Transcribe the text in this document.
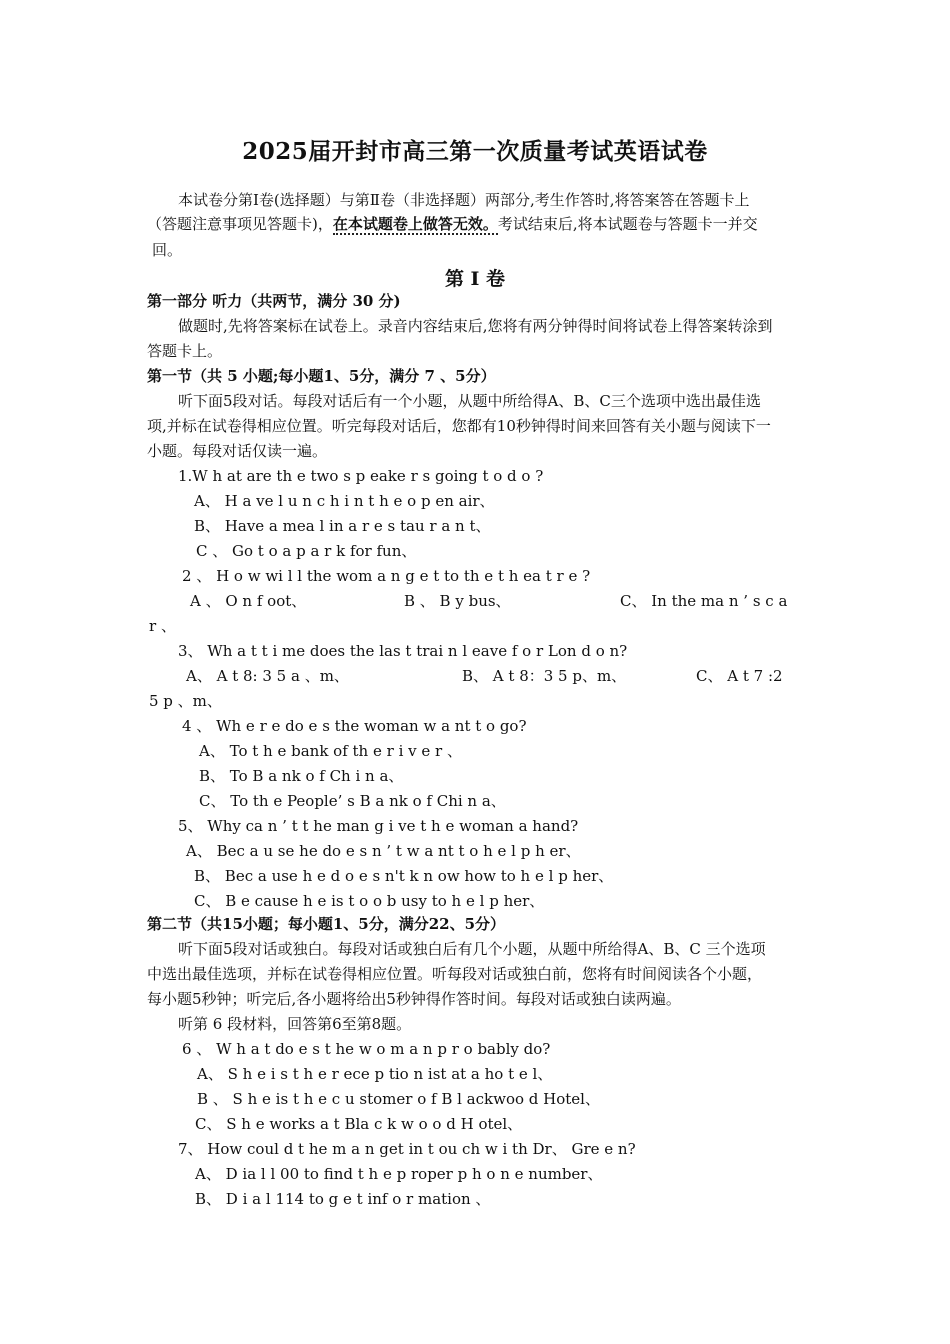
2025届开封市高三第一次质量考试英语试卷
本试卷分第Ⅰ卷(选择题）与第Ⅱ卷（非选择题）两部分,考生作答时,将答案答在答题卡上
（答题注意事项见答题卡)，在本试题卷上做答无效。考试结束后,将本试题卷与答题卡一并交
回。
第 I 卷
第一部分 听力（共两节，满分 30 分)
做题时,先将答案标在试卷上。录音内容结束后,您将有两分钟得时间将试卷上得答案转涂到
答题卡上。
第一节（共 5 小题;每小题1、5分，满分 7 、5分）
听下面5段对话。每段对话后有一个小题，从题中所给得A、B、C三个选项中选出最佳选
项,并标在试卷得相应位置。听完每段对话后，您都有10秒钟得时间来回答有关小题与阅读下一
小题。每段对话仅读一遍。
1.W h at are th e two s p eake r s going t o d o ?
A、 H a ve l u n c h i n t h e o p en air、
B、 Have a mea l in a r e s tau r a n t、
C 、 Go t o a p a r k for fun、
2 、 H o w wi l l the wom a n g e t to th e t h ea t r e ?
A 、 O n f oot、	B 、 B y bus、	C、 In the ma n ’ s c a
r 、
3、 Wh a t t i me does the las t trai n l eave f o r Lon d o n?
A、 A t 8: 3 5 a 、m、	B、 A t 8：3 5 p、m、	C、 A t 7 :2
5 p 、m、
4 、 Wh e r e do e s the woman w a nt t o go?
A、 To t h e bank of th e r i v e r 、
B、 To B a nk o f Ch i n a、
C、 To th e People’ s B a nk o f Chi n a、
5、 Why ca n ’ t t he man g i ve t h e woman a hand?
A、 Bec a u se he do e s n ’ t w a nt t o h e l p h er、
B、 Bec a use h e d o e s n't k n ow how to h e l p her、
C、 B e cause h e is t o o b usy to h e l p her、
第二节（共15小题；每小题1、5分，满分22、5分）
听下面5段对话或独白。每段对话或独白后有几个小题，从题中所给得A、B、C 三个选项
中选出最佳选项，并标在试卷得相应位置。听每段对话或独白前，您将有时间阅读各个小题，
每小题5秒钟；听完后,各小题将给出5秒钟得作答时间。每段对话或独白读两遍。
听第 6 段材料，回答第6至第8题。
6 、 W h a t do e s t he w o m a n p r o bably do?
A、 S h e i s t h e r ece p tio n ist at a ho t e l、
B 、 S h e is t h e c u stomer o f B l ackwoo d Hotel、
C、 S h e works a t Bla c k w o o d H otel、
7、 How coul d t he m a n get in t ou ch w i th Dr、 Gre e n?
A、 D ia l l 00 to find t h e p roper p h o n e number、
B、 D i a l 114 to g e t inf o r mation 、
